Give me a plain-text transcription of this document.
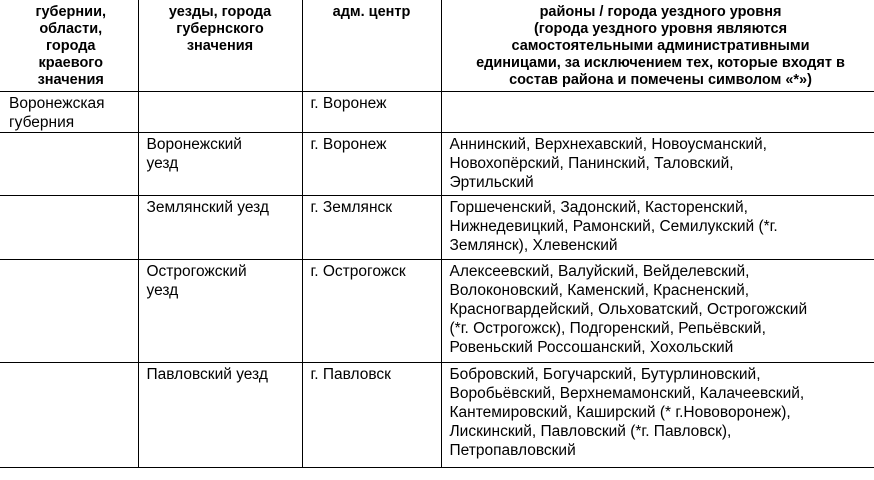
губернии,
области,
города
краевого
значения	уезды, города
губернского
значения	адм. центр	районы / города уездного уровня
(города уездного уровня являются
самостоятельными административными
единицами, за исключением тех, которые входят в
состав района и помечены символом «*»)

Воронежская
губерния		г. Воронеж	

	Воронежский
уезд	г. Воронеж	Аннинский, Верхнехавский, Новоусманский,
Новохопёрский, Панинский, Таловский,
Эртильский

	Землянский уезд	г. Землянск	Горшеченский, Задонский, Касторенский,
Нижнедевицкий, Рамонский, Семилукский (*г.
Землянск), Хлевенский

	Острогожский
уезд	г. Острогожск	Алексеевский, Валуйский, Вейделевский,
Волоконовский, Каменский, Красненский,
Красногвардейский, Ольховатский, Острогожский
(*г. Острогожск), Подгоренский, Репьёвский,
Ровеньский Россошанский, Хохольский

	Павловский уезд	г. Павловск	Бобровский, Богучарский, Бутурлиновский,
Воробьёвский, Верхнемамонский, Калачеевский,
Кантемировский, Каширский (* г.Нововоронеж),
Лискинский, Павловский (*г. Павловск),
Петропавловский
